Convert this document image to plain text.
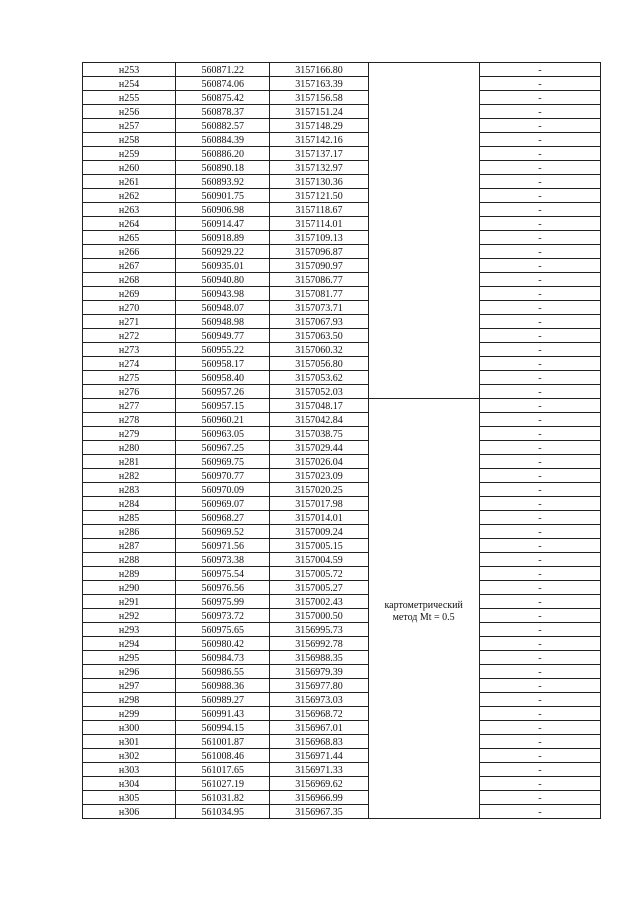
н253	560871.22	3157166.80		-
н254	560874.06	3157163.39		-
н255	560875.42	3157156.58		-
н256	560878.37	3157151.24		-
н257	560882.57	3157148.29		-
н258	560884.39	3157142.16		-
н259	560886.20	3157137.17		-
н260	560890.18	3157132.97		-
н261	560893.92	3157130.36		-
н262	560901.75	3157121.50		-
н263	560906.98	3157118.67		-
н264	560914.47	3157114.01		-
н265	560918.89	3157109.13		-
н266	560929.22	3157096.87		-
н267	560935.01	3157090.97		-
н268	560940.80	3157086.77		-
н269	560943.98	3157081.77		-
н270	560948.07	3157073.71		-
н271	560948.98	3157067.93		-
н272	560949.77	3157063.50		-
н273	560955.22	3157060.32		-
н274	560958.17	3157056.80		-
н275	560958.40	3157053.62		-
н276	560957.26	3157052.03		-
н277	560957.15	3157048.17	картометрический
метод Mt = 0.5	-
н278	560960.21	3157042.84		-
н279	560963.05	3157038.75		-
н280	560967.25	3157029.44		-
н281	560969.75	3157026.04		-
н282	560970.77	3157023.09		-
н283	560970.09	3157020.25		-
н284	560969.07	3157017.98		-
н285	560968.27	3157014.01		-
н286	560969.52	3157009.24		-
н287	560971.56	3157005.15		-
н288	560973.38	3157004.59		-
н289	560975.54	3157005.72		-
н290	560976.56	3157005.27		-
н291	560975.99	3157002.43		-
н292	560973.72	3157000.50		-
н293	560975.65	3156995.73		-
н294	560980.42	3156992.78		-
н295	560984.73	3156988.35		-
н296	560986.55	3156979.39		-
н297	560988.36	3156977.80		-
н298	560989.27	3156973.03		-
н299	560991.43	3156968.72		-
н300	560994.15	3156967.01		-
н301	561001.87	3156968.83		-
н302	561008.46	3156971.44		-
н303	561017.65	3156971.33		-
н304	561027.19	3156969.62		-
н305	561031.82	3156966.99		-
н306	561034.95	3156967.35		-
